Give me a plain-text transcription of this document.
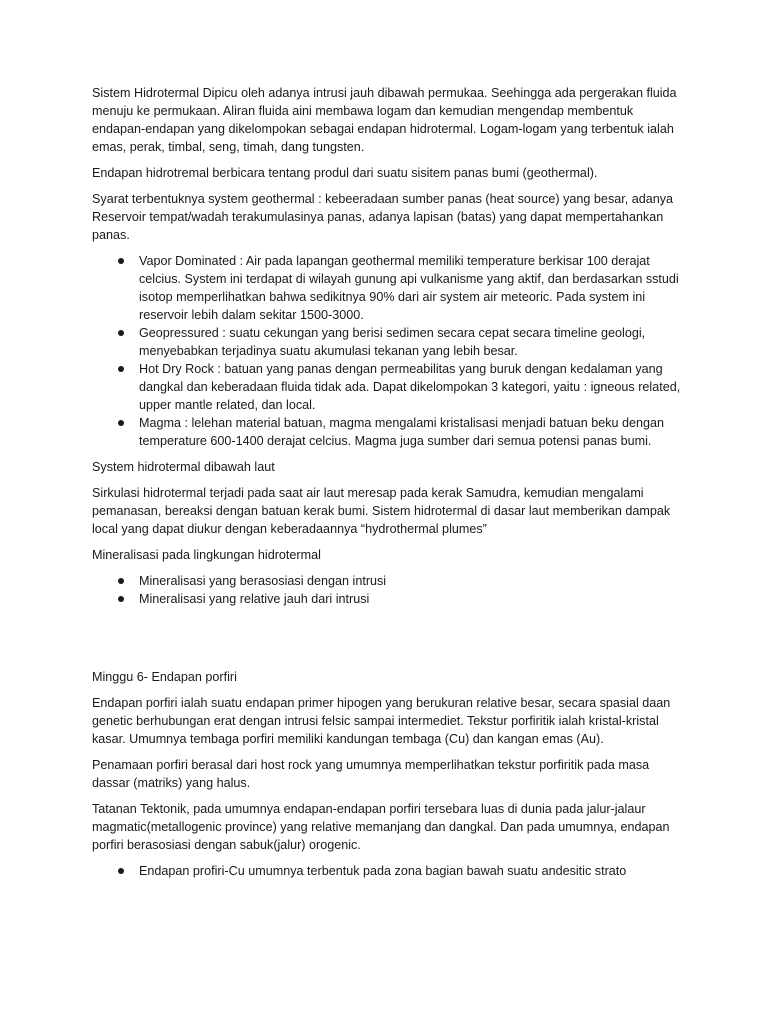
Sistem Hidrotermal Dipicu oleh adanya intrusi jauh dibawah permukaa. Seehingga ada pergerakan fluida menuju ke permukaan. Aliran fluida aini membawa logam dan kemudian mengendap membentuk endapan-endapan yang dikelompokan sebagai endapan hidrotermal. Logam-logam yang terbentuk ialah emas, perak, timbal, seng, timah, dang tungsten.

Endapan hidrotremal berbicara tentang produl dari suatu sisitem panas bumi (geothermal).

Syarat terbentuknya system geothermal : kebeeradaan sumber panas (heat source) yang besar, adanya Reservoir tempat/wadah terakumulasinya panas, adanya lapisan (batas) yang dapat mempertahankan panas.

Vapor Dominated : Air pada lapangan geothermal memiliki temperature berkisar 100 derajat celcius. System ini terdapat di wilayah gunung api vulkanisme yang aktif, dan berdasarkan sstudi isotop memperlihatkan bahwa sedikitnya 90% dari air system air meteoric. Pada system ini reservoir lebih dalam sekitar 1500-3000.
Geopressured : suatu cekungan yang berisi sedimen secara cepat secara timeline geologi, menyebabkan terjadinya suatu akumulasi tekanan yang lebih besar.
Hot Dry Rock : batuan yang panas dengan permeabilitas yang buruk dengan kedalaman yang dangkal dan keberadaan fluida tidak ada. Dapat dikelompokan 3 kategori, yaitu : igneous related, upper mantle related, dan local.
Magma : lelehan material batuan, magma mengalami kristalisasi menjadi batuan beku dengan temperature 600-1400 derajat celcius. Magma juga sumber dari semua potensi panas bumi.

System hidrotermal dibawah laut

Sirkulasi hidrotermal terjadi pada saat air laut meresap pada kerak Samudra, kemudian mengalami pemanasan, bereaksi dengan batuan kerak bumi. Sistem hidrotermal di dasar laut memberikan dampak local yang dapat diukur dengan keberadaannya “hydrothermal plumes”

Mineralisasi pada lingkungan hidrotermal

Mineralisasi yang berasosiasi dengan intrusi
Mineralisasi yang relative jauh dari intrusi

Minggu 6- Endapan porfiri

Endapan porfiri ialah suatu endapan primer hipogen yang berukuran relative besar, secara spasial daan genetic berhubungan erat dengan intrusi felsic sampai intermediet. Tekstur porfiritik ialah kristal-kristal kasar. Umumnya tembaga porfiri memiliki kandungan tembaga (Cu) dan kangan emas (Au).

Penamaan porfiri berasal dari host rock yang umumnya memperlihatkan tekstur porfiritik pada masa dassar (matriks) yang halus.

Tatanan Tektonik, pada umumnya endapan-endapan porfiri tersebara luas di dunia pada jalur-jalaur magmatic(metallogenic province) yang relative memanjang dan dangkal. Dan pada umumnya, endapan porfiri berasosiasi dengan sabuk(jalur) orogenic.

Endapan profiri-Cu umumnya terbentuk pada zona bagian bawah suatu andesitic strato
